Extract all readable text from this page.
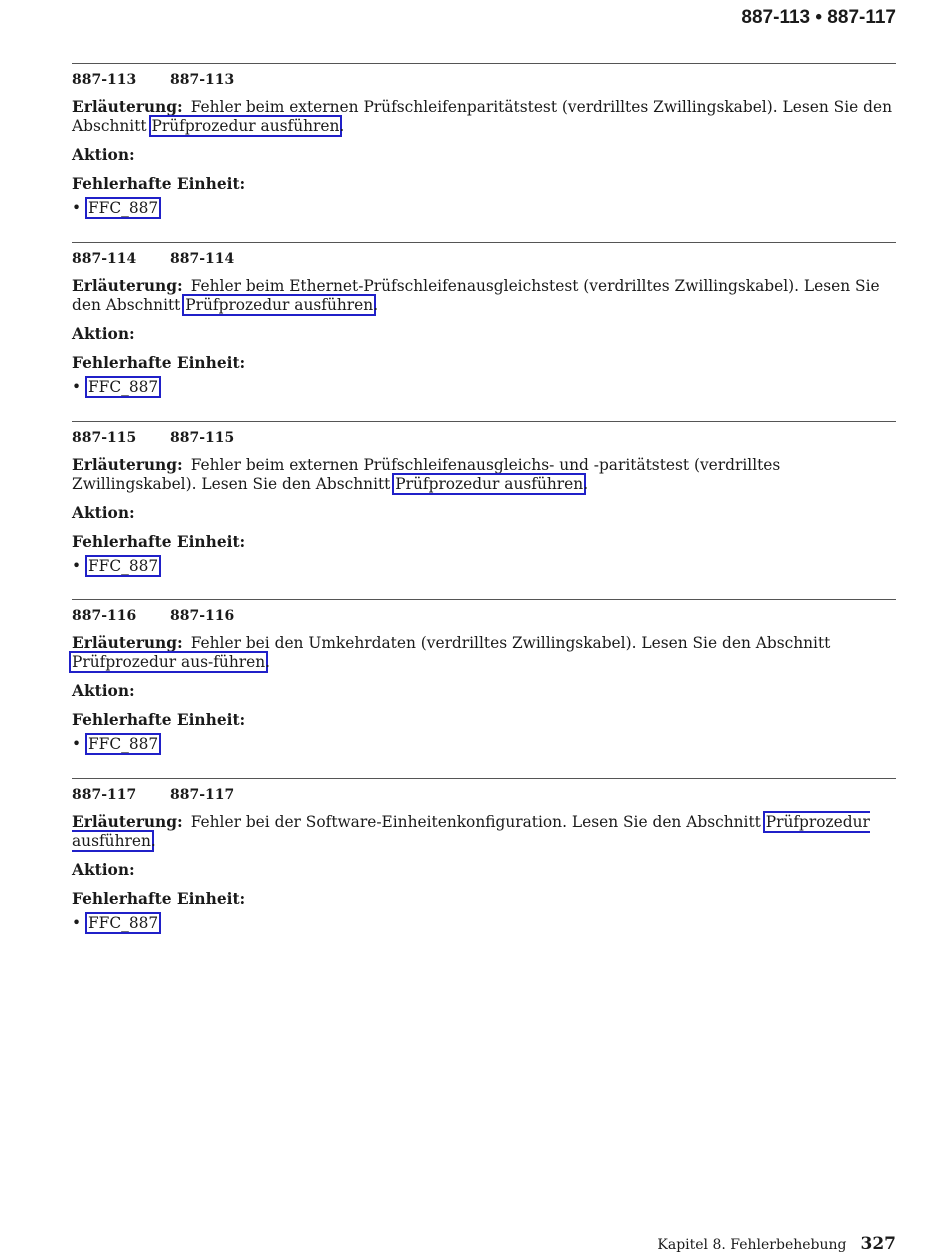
887-113 • 887-117
887-113 887-113

Erläuterung: Fehler beim externen Prüfschleifenparitätstest (verdrilltes Zwillingskabel). Lesen Sie den Abschnitt Prüfprozedur ausführen.

Aktion:
Fehlerhafte Einheit:
• FFC_887
887-114 887-114

Erläuterung: Fehler beim Ethernet-Prüfschleifenausgleichstest (verdrilltes Zwillingskabel). Lesen Sie den Abschnitt Prüfprozedur ausführen.

Aktion:
Fehlerhafte Einheit:
• FFC_887
887-115 887-115

Erläuterung: Fehler beim externen Prüfschleifenausgleichs- und -paritätstest (verdrilltes Zwillingskabel). Lesen Sie den Abschnitt Prüfprozedur ausführen.

Aktion:
Fehlerhafte Einheit:
• FFC_887
887-116 887-116

Erläuterung: Fehler bei den Umkehrdaten (verdrilltes Zwillingskabel). Lesen Sie den Abschnitt Prüfprozedur aus-führen.

Aktion:
Fehlerhafte Einheit:
• FFC_887
887-117 887-117

Erläuterung: Fehler bei der Software-Einheitenkonfiguration. Lesen Sie den Abschnitt Prüfprozedur ausführen.

Aktion:
Fehlerhafte Einheit:
• FFC_887
Kapitel 8. Fehlerbehebung 327
